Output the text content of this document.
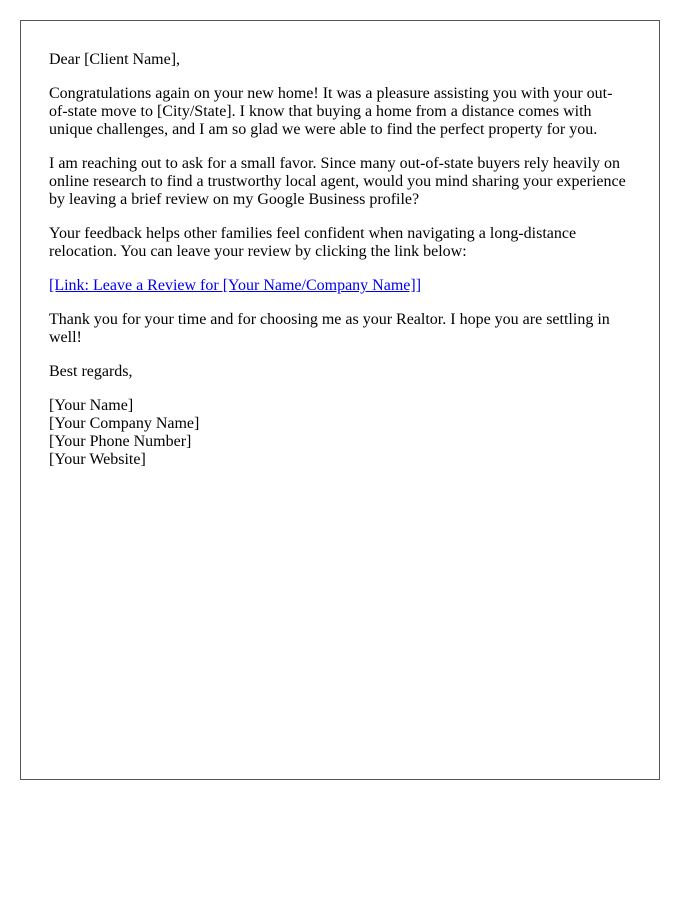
Dear [Client Name],

Congratulations again on your new home! It was a pleasure assisting you with your out-of-state move to [City/State]. I know that buying a home from a distance comes with unique challenges, and I am so glad we were able to find the perfect property for you.

I am reaching out to ask for a small favor. Since many out-of-state buyers rely heavily on online research to find a trustworthy local agent, would you mind sharing your experience by leaving a brief review on my Google Business profile?

Your feedback helps other families feel confident when navigating a long-distance relocation. You can leave your review by clicking the link below:

[Link: Leave a Review for [Your Name/Company Name]]

Thank you for your time and for choosing me as your Realtor. I hope you are settling in well!

Best regards,

[Your Name]
[Your Company Name]
[Your Phone Number]
[Your Website]
